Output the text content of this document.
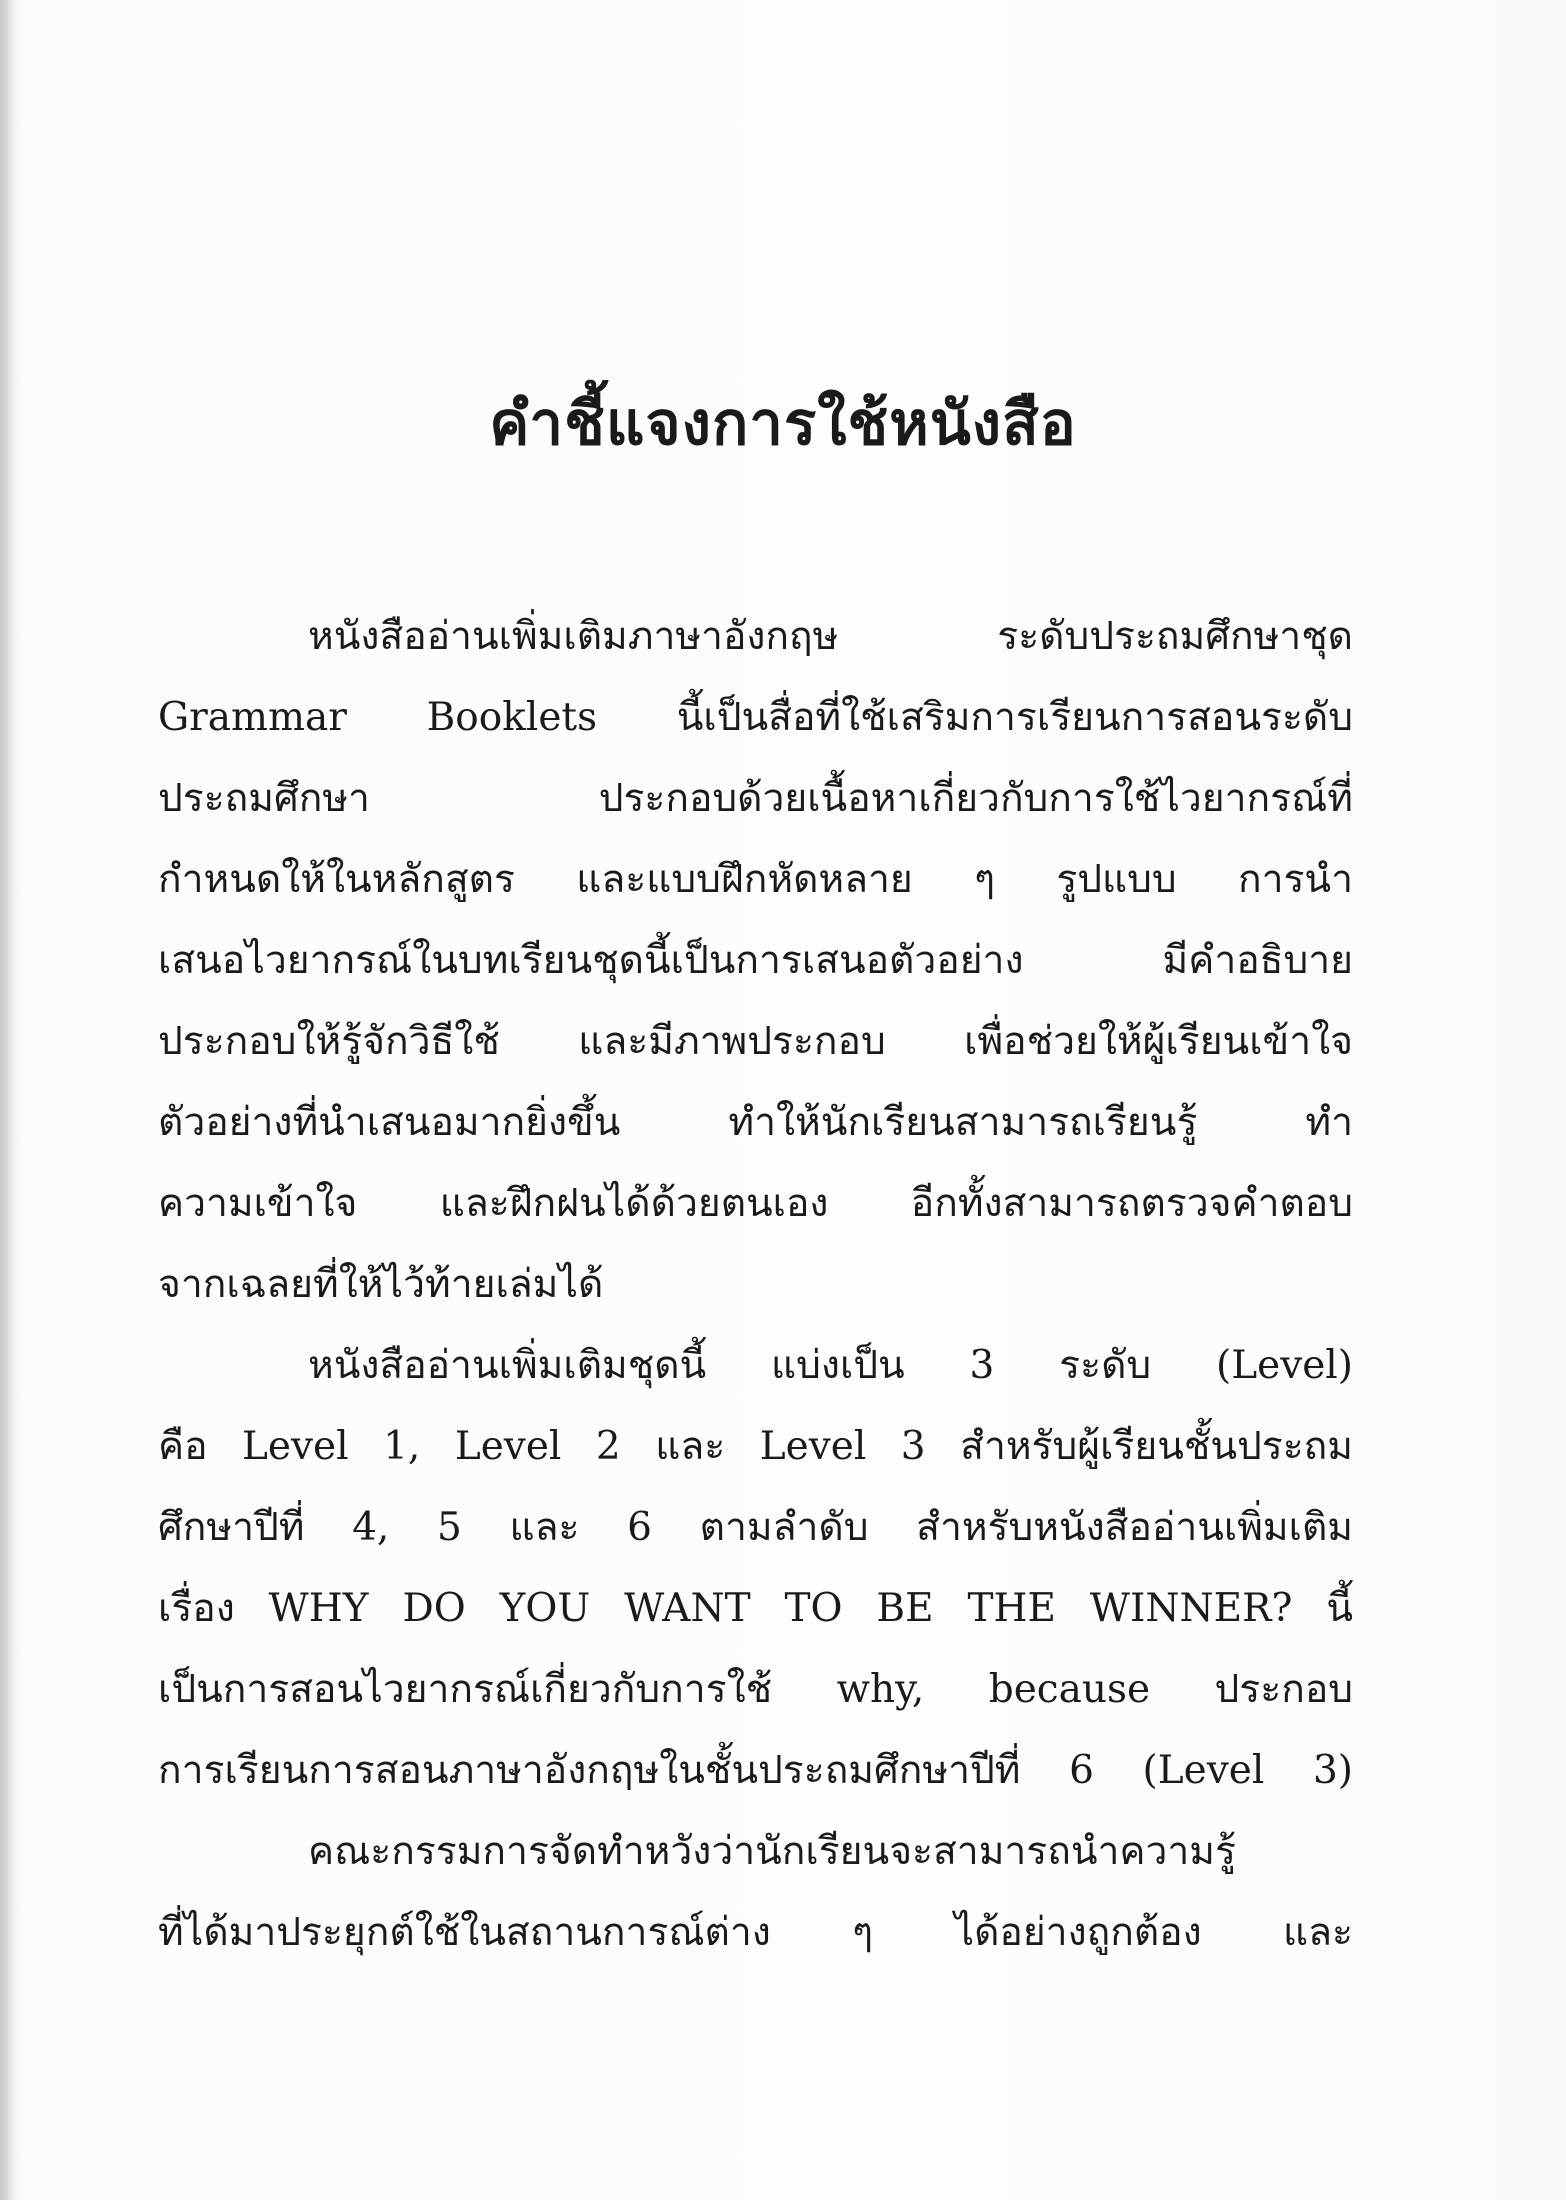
คำชี้แจงการใช้หนังสือ
หนังสืออ่านเพิ่มเติมภาษาอังกฤษ ระดับประถมศึกษาชุด
Grammar Booklets นี้เป็นสื่อที่ใช้เสริมการเรียนการสอนระดับ
ประถมศึกษา ประกอบด้วยเนื้อหาเกี่ยวกับการใช้ไวยากรณ์ที่
กำหนดให้ในหลักสูตร และแบบฝึกหัดหลาย ๆ รูปแบบ การนำ
เสนอไวยากรณ์ในบทเรียนชุดนี้เป็นการเสนอตัวอย่าง มีคำอธิบาย
ประกอบให้รู้จักวิธีใช้ และมีภาพประกอบ เพื่อช่วยให้ผู้เรียนเข้าใจ
ตัวอย่างที่นำเสนอมากยิ่งขึ้น ทำให้นักเรียนสามารถเรียนรู้ ทำ
ความเข้าใจ และฝึกฝนได้ด้วยตนเอง อีกทั้งสามารถตรวจคำตอบ
จากเฉลยที่ให้ไว้ท้ายเล่มได้
หนังสืออ่านเพิ่มเติมชุดนี้ แบ่งเป็น 3 ระดับ (Level)
คือ Level 1, Level 2 และ Level 3 สำหรับผู้เรียนชั้นประถม
ศึกษาปีที่ 4, 5 และ 6 ตามลำดับ สำหรับหนังสืออ่านเพิ่มเติม
เรื่อง WHY DO YOU WANT TO BE THE WINNER? นี้
เป็นการสอนไวยากรณ์เกี่ยวกับการใช้ why, because ประกอบ
การเรียนการสอนภาษาอังกฤษในชั้นประถมศึกษาปีที่ 6 (Level 3)
คณะกรรมการจัดทำหวังว่านักเรียนจะสามารถนำความรู้
ที่ได้มาประยุกต์ใช้ในสถานการณ์ต่าง ๆ ได้อย่างถูกต้อง และ
